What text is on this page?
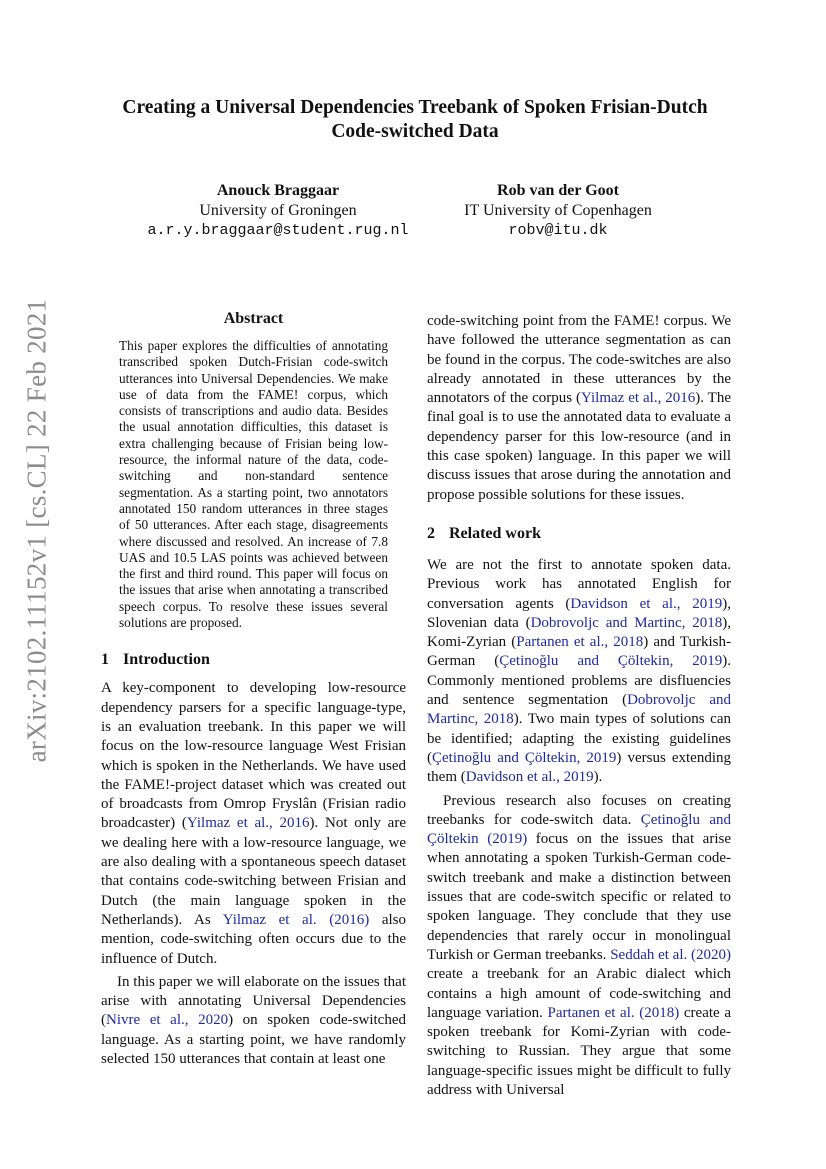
arXiv:2102.11152v1 [cs.CL] 22 Feb 2021
Creating a Universal Dependencies Treebank of Spoken Frisian-Dutch
Code-switched Data
Anouck Braggaar
University of Groningen
a.r.y.braggaar@student.rug.nl
Rob van der Goot
IT University of Copenhagen
robv@itu.dk
Abstract

This paper explores the difficulties of annotating transcribed spoken Dutch-Frisian code-switch utterances into Universal Dependencies. We make use of data from the FAME! corpus, which consists of transcriptions and audio data. Besides the usual annotation difficulties, this dataset is extra challenging because of Frisian being low-resource, the informal nature of the data, code-switching and non-standard sentence segmentation. As a starting point, two annotators annotated 150 random utterances in three stages of 50 utterances. After each stage, disagreements where discussed and resolved. An increase of 7.8 UAS and 10.5 LAS points was achieved between the first and third round. This paper will focus on the issues that arise when annotating a transcribed speech corpus. To resolve these issues several solutions are proposed.

1 Introduction

A key-component to developing low-resource dependency parsers for a specific language-type, is an evaluation treebank. In this paper we will focus on the low-resource language West Frisian which is spoken in the Netherlands. We have used the FAME!-project dataset which was created out of broadcasts from Omrop Fryslân (Frisian radio broadcaster) (Yilmaz et al., 2016). Not only are we dealing here with a low-resource language, we are also dealing with a spontaneous speech dataset that contains code-switching between Frisian and Dutch (the main language spoken in the Netherlands). As Yilmaz et al. (2016) also mention, code-switching often occurs due to the influence of Dutch.

In this paper we will elaborate on the issues that arise with annotating Universal Dependencies (Nivre et al., 2020) on spoken code-switched language. As a starting point, we have randomly selected 150 utterances that contain at least one

code-switching point from the FAME! corpus. We have followed the utterance segmentation as can be found in the corpus. The code-switches are also already annotated in these utterances by the annotators of the corpus (Yilmaz et al., 2016). The final goal is to use the annotated data to evaluate a dependency parser for this low-resource (and in this case spoken) language. In this paper we will discuss issues that arose during the annotation and propose possible solutions for these issues.

2 Related work

We are not the first to annotate spoken data. Previous work has annotated English for conversation agents (Davidson et al., 2019), Slovenian data (Dobrovoljc and Martinc, 2018), Komi-Zyrian (Partanen et al., 2018) and Turkish-German (Çetinoğlu and Çöltekin, 2019). Commonly mentioned problems are disfluencies and sentence segmentation (Dobrovoljc and Martinc, 2018). Two main types of solutions can be identified; adapting the existing guidelines (Çetinoğlu and Çöltekin, 2019) versus extending them (Davidson et al., 2019).

Previous research also focuses on creating treebanks for code-switch data. Çetinoğlu and Çöltekin (2019) focus on the issues that arise when annotating a spoken Turkish-German code-switch treebank and make a distinction between issues that are code-switch specific or related to spoken language. They conclude that they use dependencies that rarely occur in monolingual Turkish or German treebanks. Seddah et al. (2020) create a treebank for an Arabic dialect which contains a high amount of code-switching and language variation. Partanen et al. (2018) create a spoken treebank for Komi-Zyrian with code-switching to Russian. They argue that some language-specific issues might be difficult to fully address with Universal
